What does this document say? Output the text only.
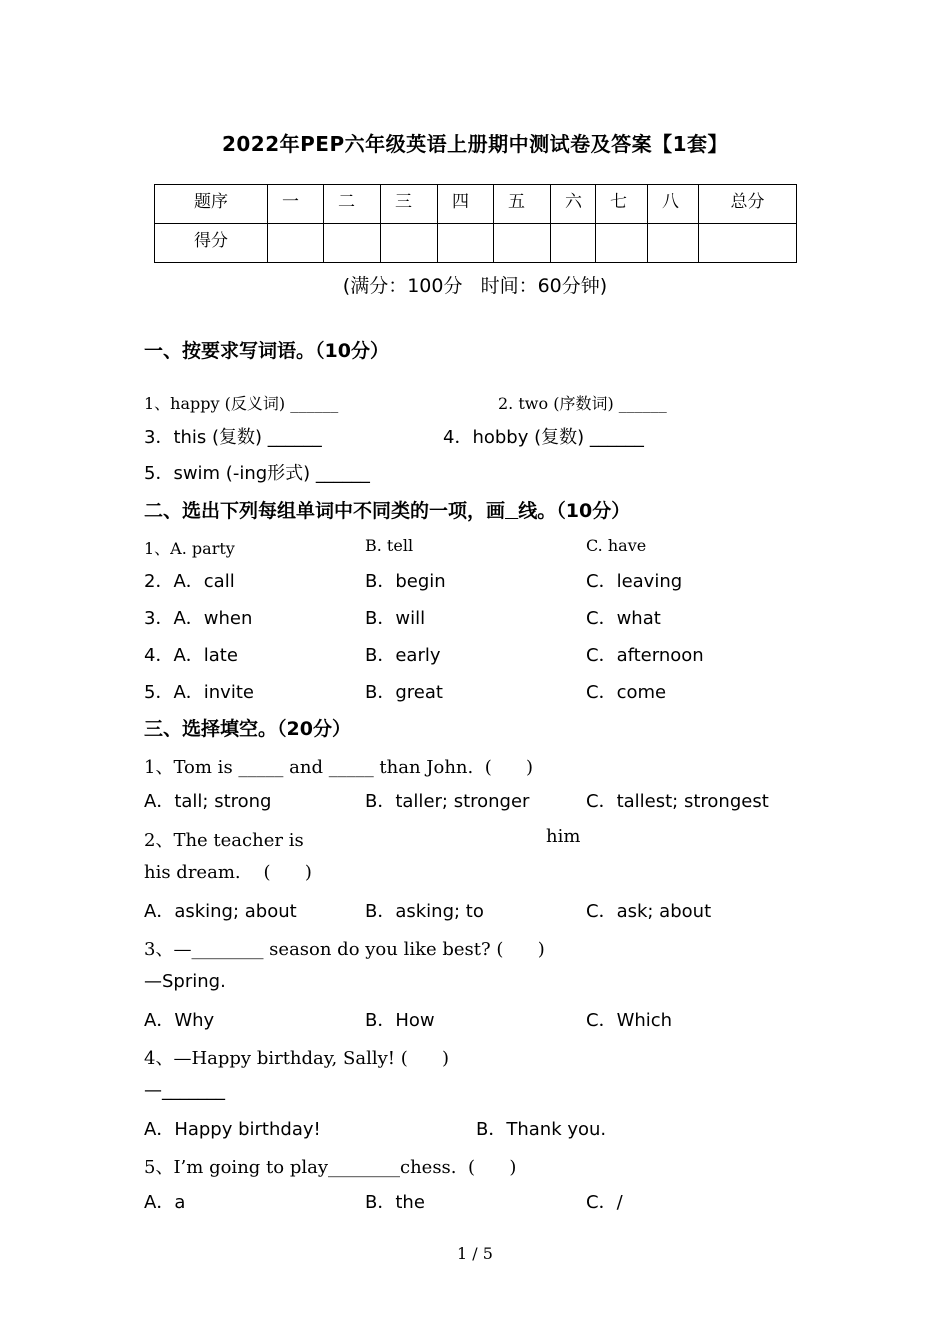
2022年PEP六年级英语上册期中测试卷及答案【1套】
题序	一	二	三	四	五	六	七	八	总分
得分									
(满分：100分   时间：60分钟)
一、按要求写词语。（10分）
1、happy (反义词) ______	2. two (序数词) ______
3．this (复数) ______	4．hobby (复数) ______
5．swim (-ing形式) ______
二、选出下列每组单词中不同类的一项，画 线。（10分）
1、A. party	B. tell	C. have
2．A．call	B．begin	C．leaving
3．A．when	B．will	C．what
4．A．late	B．early	C．afternoon
5．A．invite	B．great	C．come
三、选择填空。（20分）
1、Tom is _____ and _____ than John.  (      )
A．tall; strong	B．taller; stronger	C．tallest; strongest
2、The teacher is	him
his dream.    (      )
A．asking; about	B．asking; to	C．ask; about
3、—________ season do you like best? (      )
—Spring.
A．Why	B．How	C．Which
4、—Happy birthday, Sally! (      )
—_______
A．Happy birthday!	B．Thank you.
5、I’m going to play________chess.  (      )
A．a	B．the	C．/
1 / 5
